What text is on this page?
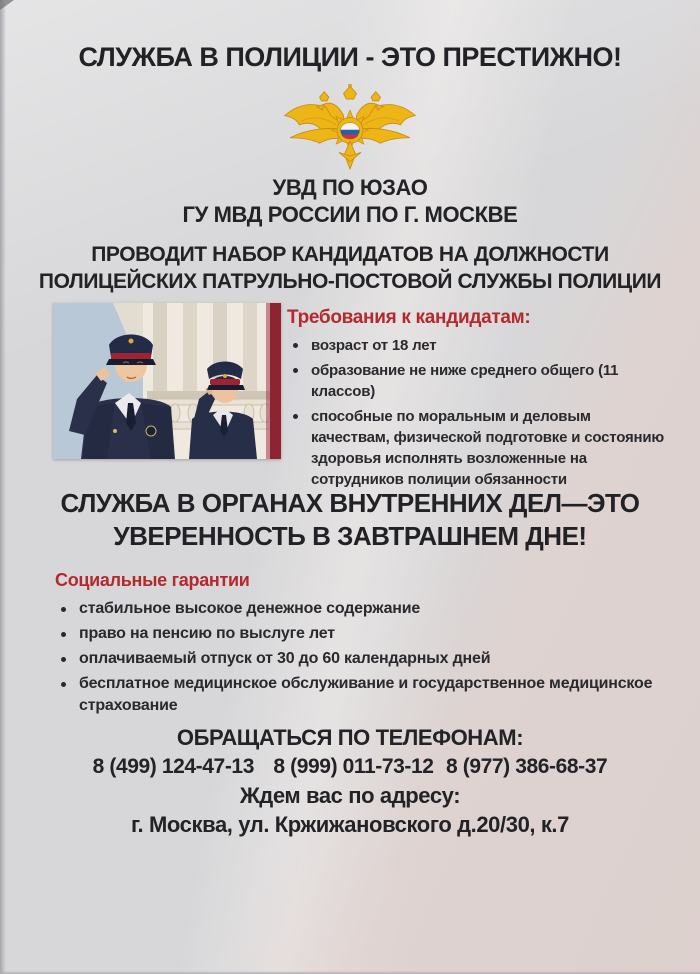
СЛУЖБА В ПОЛИЦИИ - ЭТО ПРЕСТИЖНО!
УВД ПО ЮЗАО
ГУ МВД РОССИИ ПО Г. МОСКВЕ
ПРОВОДИТ НАБОР КАНДИДАТОВ НА ДОЛЖНОСТИ
ПОЛИЦЕЙСКИХ ПАТРУЛЬНО-ПОСТОВОЙ СЛУЖБЫ ПОЛИЦИИ
Требования к кандидатам:
возраст от 18 лет
образование не ниже среднего общего (11 классов)
способные по моральным и деловым качествам, физической подготовке и состоянию здоровья исполнять возложенные на сотрудников полиции обязанности
СЛУЖБА В ОРГАНАХ ВНУТРЕННИХ ДЕЛ—ЭТО
УВЕРЕННОСТЬ В ЗАВТРАШНЕМ ДНЕ!
Социальные гарантии
стабильное высокое денежное содержание
право на пенсию по выслуге лет
оплачиваемый отпуск от 30 до 60 календарных дней
бесплатное медицинское обслуживание и государственное медицинское страхование
ОБРАЩАТЬСЯ ПО ТЕЛЕФОНАМ:
8 (499) 124-47-13 8 (999) 011-73-12 8 (977) 386-68-37
Ждем вас по адресу:
г. Москва, ул. Кржижановского д.20/30, к.7
